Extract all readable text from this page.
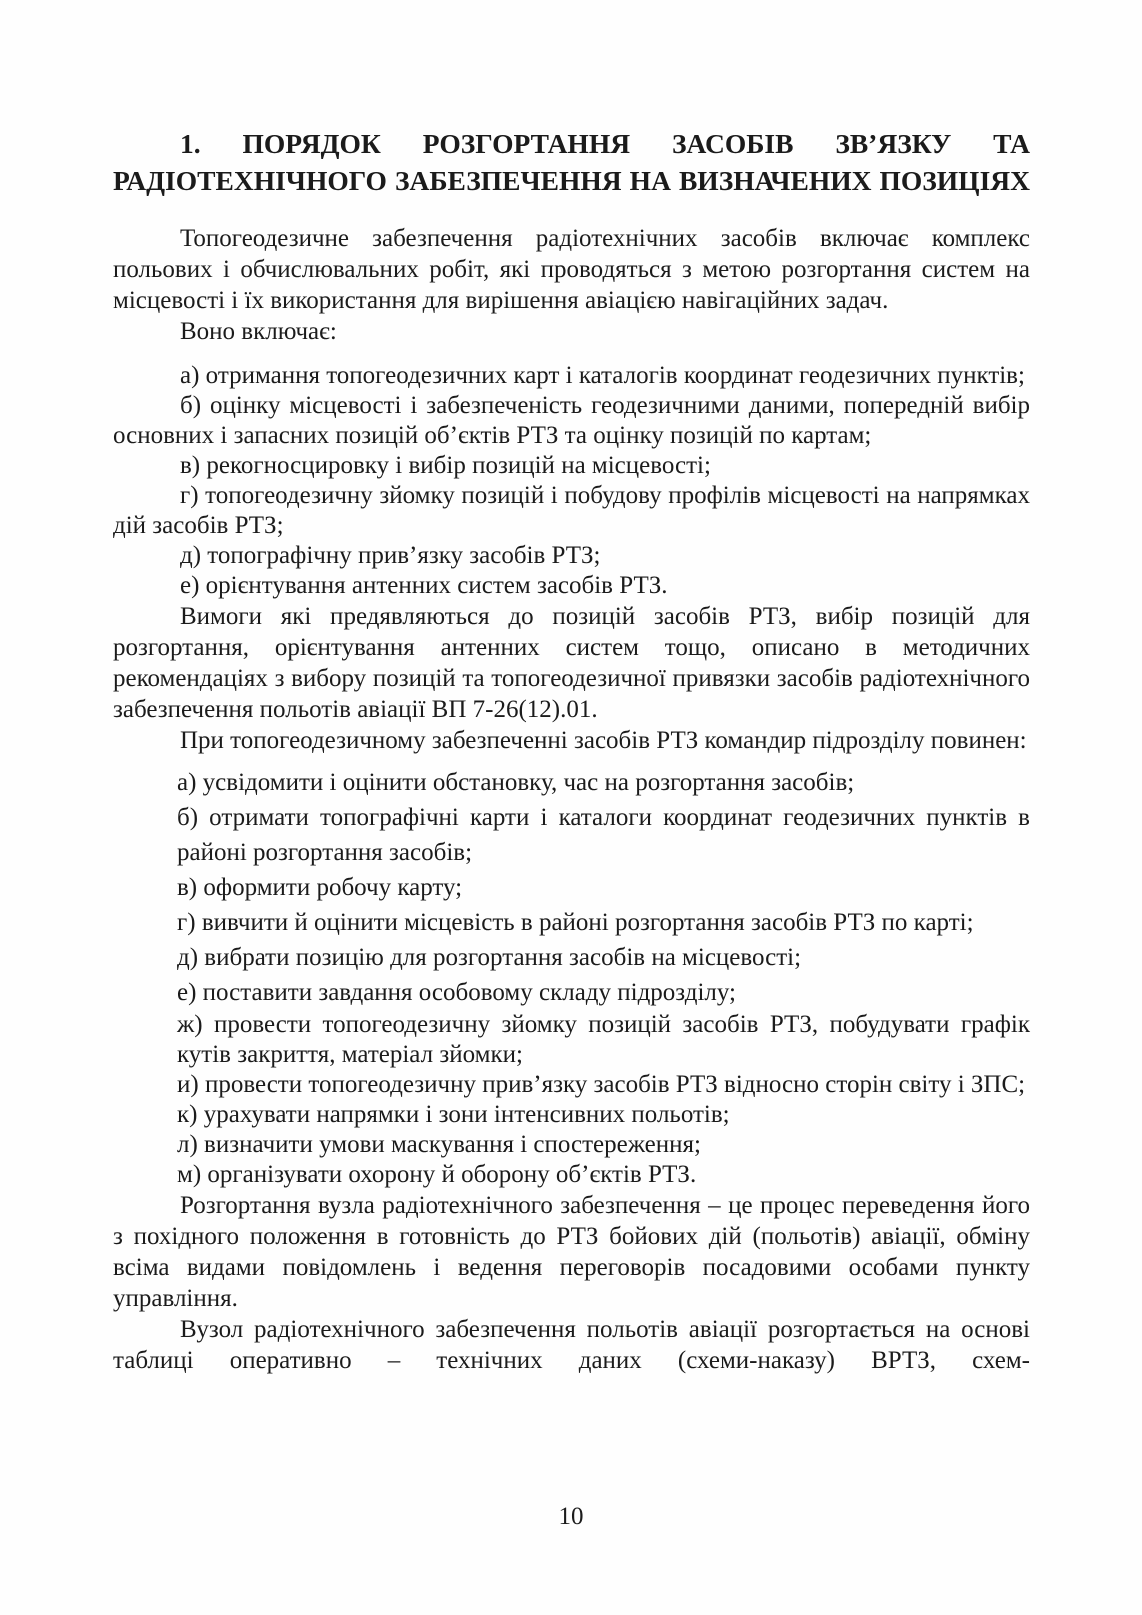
1. ПОРЯДОК РОЗГОРТАННЯ ЗАСОБІВ ЗВ’ЯЗКУ ТА
РАДІОТЕХНІЧНОГО ЗАБЕЗПЕЧЕННЯ НА ВИЗНАЧЕНИХ ПОЗИЦІЯХ

Топогеодезичне забезпечення радіотехнічних засобів включає комплекс польових і обчислювальних робіт, які проводяться з метою розгортання систем на місцевості і їх використання для вирішення авіацією навігаційних задач.

Воно включає:

а) отримання топогеодезичних карт і каталогів координат геодезичних пунктів;
б) оцінку місцевості і забезпеченість геодезичними даними, попередній вибір основних і запасних позицій об’єктів РТЗ та оцінку позицій по картам;
в) рекогносцировку і вибір позицій на місцевості;
г) топогеодезичну зйомку позицій і побудову профілів місцевості на напрямках дій засобів РТЗ;
д) топографічну прив’язку засобів РТЗ;
е) орієнтування антенних систем засобів РТЗ.

Вимоги які предявляються до позицій засобів РТЗ, вибір позицій для розгортання, орієнтування антенних систем тощо, описано в методичних рекомендаціях з вибору позицій та топогеодезичної привязки засобів радіотехнічного забезпечення польотів авіації ВП 7-26(12).01.

При топогеодезичному забезпеченні засобів РТЗ командир підрозділу повинен:

а) усвідомити і оцінити обстановку, час на розгортання засобів;
б) отримати топографічні карти і каталоги координат геодезичних пунктів в районі розгортання засобів;
в) оформити робочу карту;
г) вивчити й оцінити місцевість в районі розгортання засобів РТЗ по карті;
д) вибрати позицію для розгортання засобів на місцевості;
е) поставити завдання особовому складу підрозділу;
ж) провести топогеодезичну зйомку позицій засобів РТЗ, побудувати графік кутів закриття, матеріал зйомки;
и) провести топогеодезичну прив’язку засобів РТЗ відносно сторін світу і ЗПС;
к) урахувати напрямки і зони інтенсивних польотів;
л) визначити умови маскування і спостереження;
м) організувати охорону й оборону об’єктів РТЗ.

Розгортання вузла радіотехнічного забезпечення – це процес переведення його з похідного положення в готовність до РТЗ бойових дій (польотів) авіації, обміну всіма видами повідомлень і ведення переговорів посадовими особами пункту управління.

Вузол радіотехнічного забезпечення польотів авіації розгортається на основі таблиці оперативно – технічних даних (схеми-наказу) ВРТЗ, схем-

10
